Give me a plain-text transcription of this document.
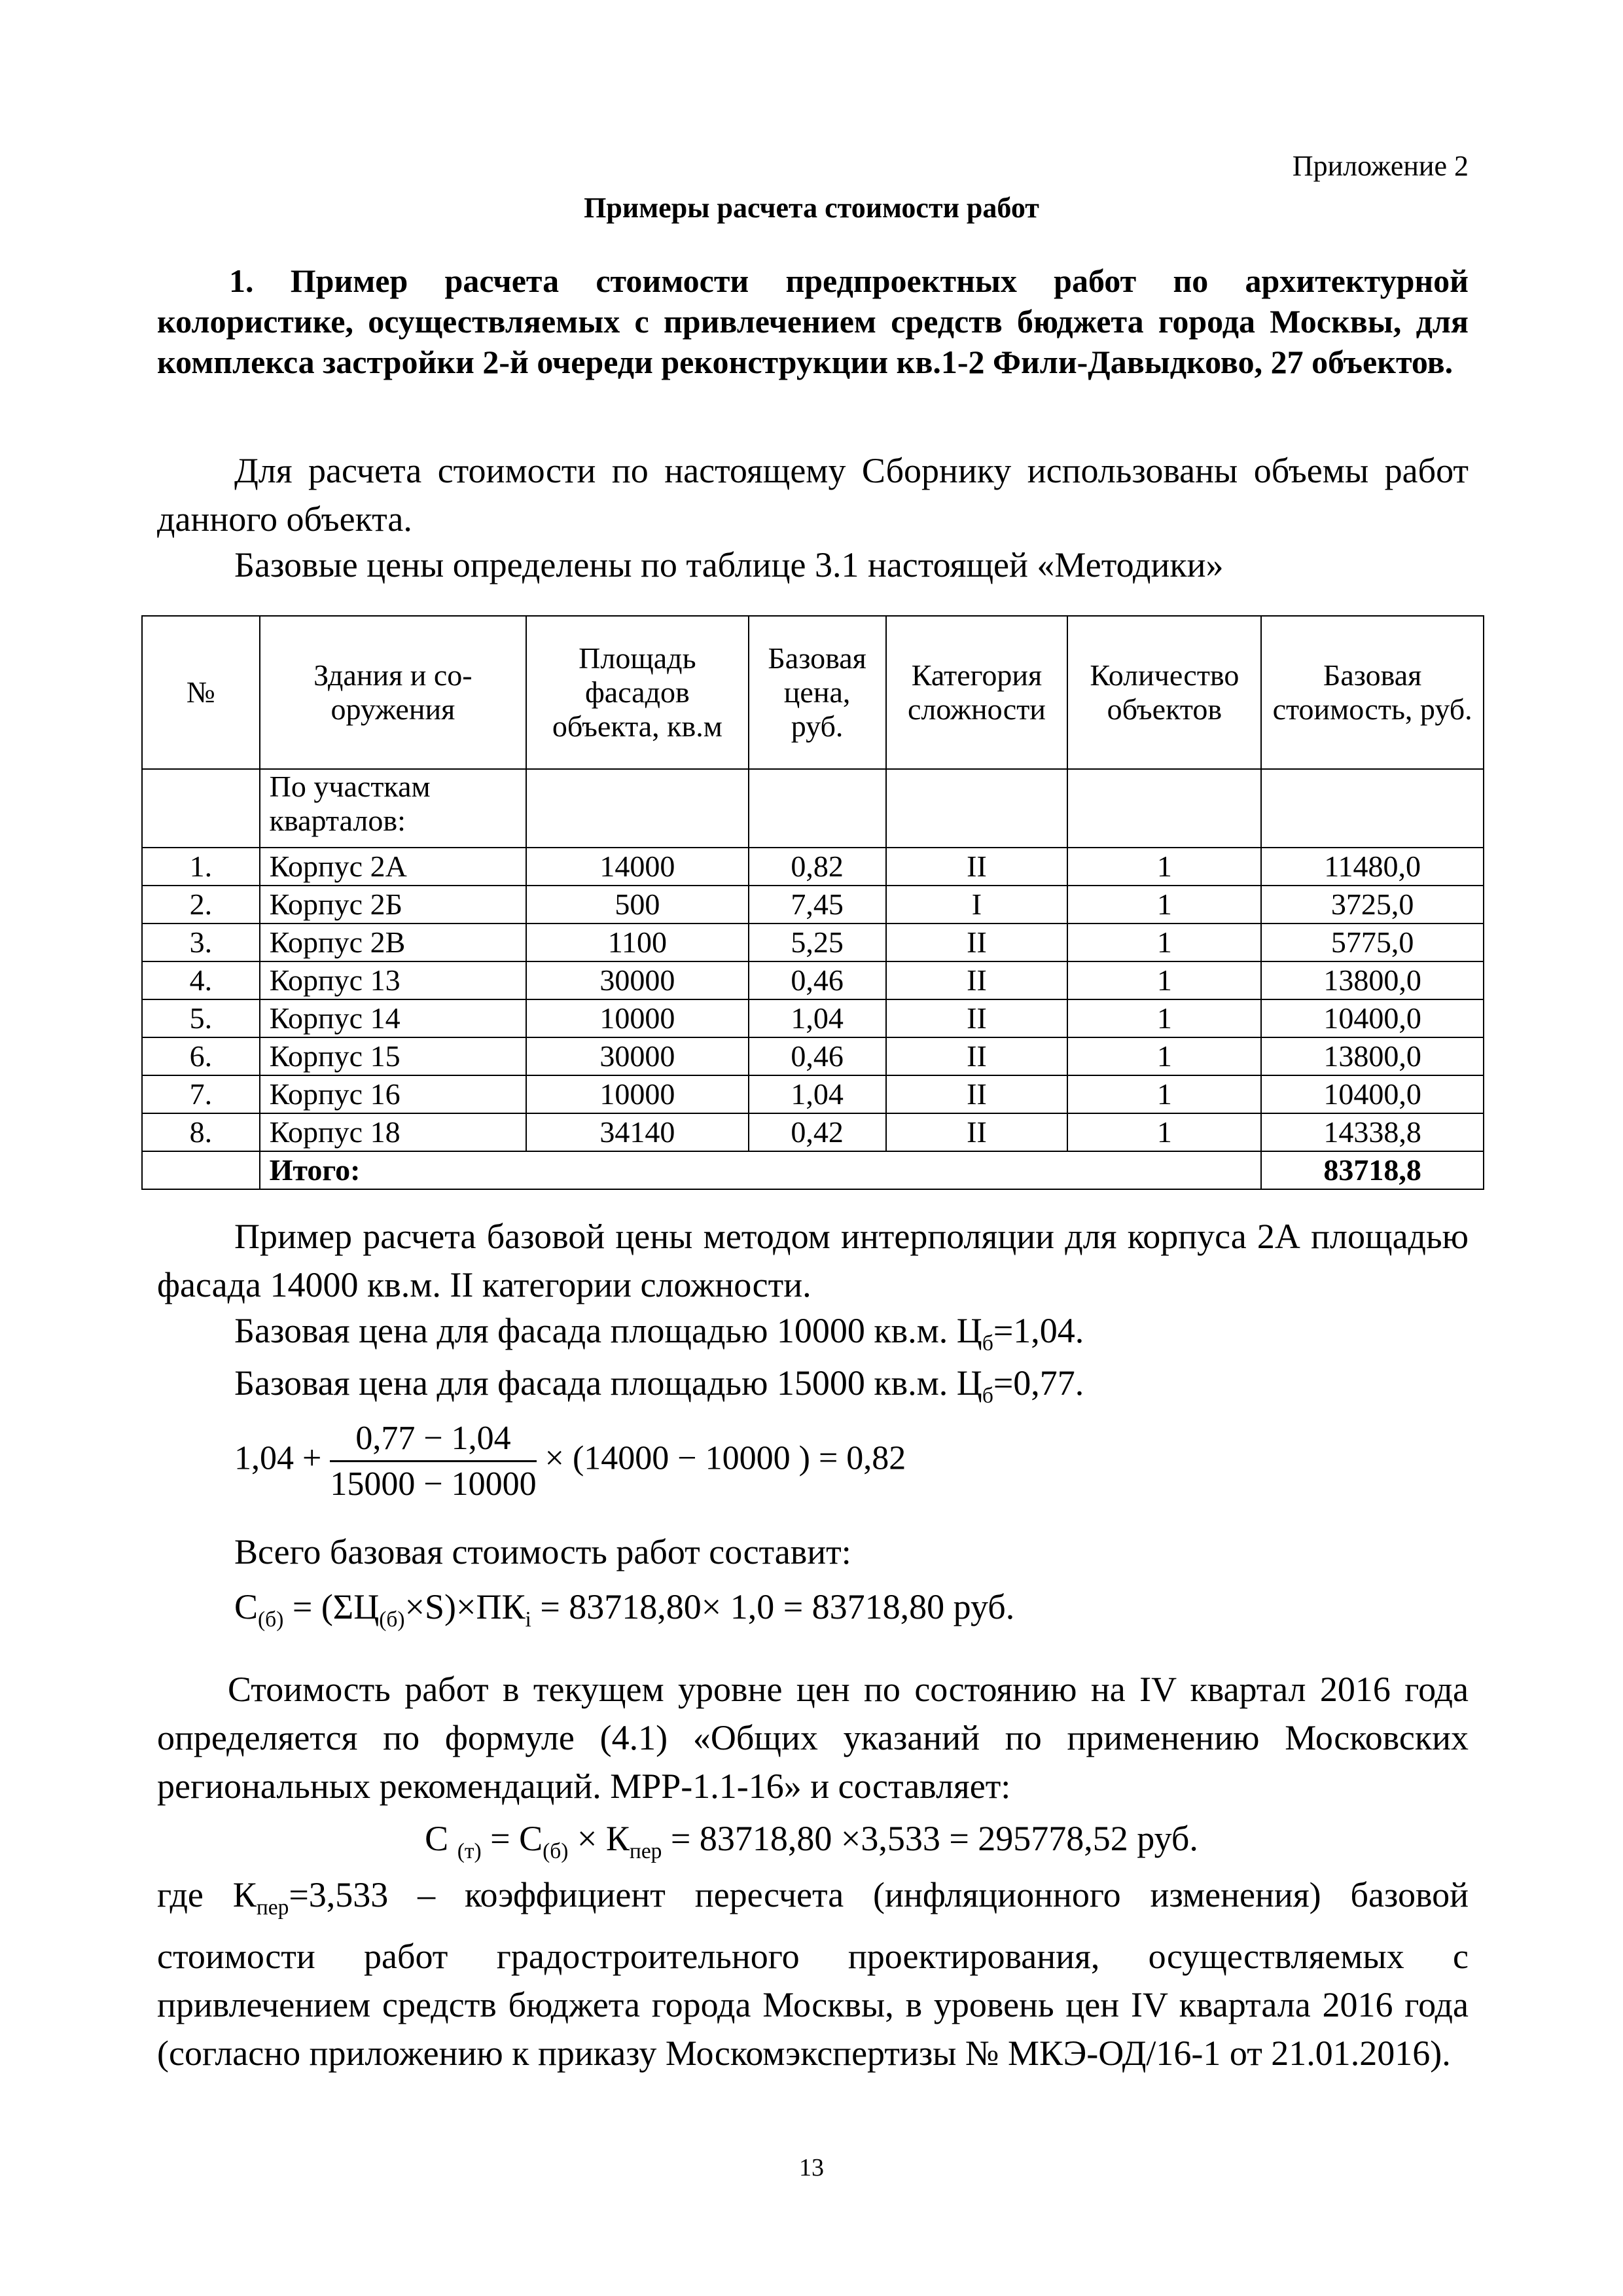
Приложение 2
Примеры расчета стоимости работ
1. Пример расчета стоимости предпроектных работ по архитектурной колористике, осуществляемых с привлечением средств бюджета города Москвы, для комплекса застройки 2-й очереди реконструкции кв.1-2 Фили-Давыдково, 27 объектов.
Для расчета стоимости по настоящему Сборнику использованы объемы работ данного объекта.
Базовые цены определены по таблице 3.1 настоящей «Методики»
№	Здания и со-оружения	Площадь фасадов объекта, кв.м	Базовая цена, руб.	Категория сложности	Количество объектов	Базовая стоимость, руб.
	По участкам кварталов:					
1.	Корпус 2А	14000	0,82	II	1	11480,0
2.	Корпус 2Б	500	7,45	I	1	3725,0
3.	Корпус 2В	1100	5,25	II	1	5775,0
4.	Корпус 13	30000	0,46	II	1	13800,0
5.	Корпус 14	10000	1,04	II	1	10400,0
6.	Корпус 15	30000	0,46	II	1	13800,0
7.	Корпус 16	10000	1,04	II	1	10400,0
8.	Корпус 18	34140	0,42	II	1	14338,8
	Итого:					83718,8
Пример расчета базовой цены методом интерполяции для корпуса 2А площадью фасада 14000 кв.м. II категории сложности.
Базовая цена для фасада площадью 10000 кв.м. $Ц_б=1,04$.
Базовая цена для фасада площадью 15000 кв.м. $Ц_б=0,77$.
$1,04 + \frac{0,77 - 1,04}{15000 - 10000} \times (14000 - 10000$ ) = 0,82
Всего базовая стоимость работ составит:
$С_{(б)} = (\Sigma Ц_{(б)}\times S)\times ПК_i = 83718,80\times 1,0 = 83718,80$ руб.
Стоимость работ в текущем уровне цен по состоянию на IV квартал 2016 года определяется по формуле (4.1) «Общих указаний по применению Московских региональных рекомендаций. МРР-1.1-16» и составляет:
С $_{(т)} = С_{(б)} \times К_{пер} = 83718,80 \times 3,533 = 295778,52$ руб.
где $К_{пер}=3,533$ – коэффициент пересчета (инфляционного изменения) базовой стоимости работ градостроительного проектирования, осуществляемых с привлечением средств бюджета города Москвы, в уровень цен IV квартала 2016 года (согласно приложению к приказу Москомэкспертизы № МКЭ-ОД/16-1 от 21.01.2016).
13
